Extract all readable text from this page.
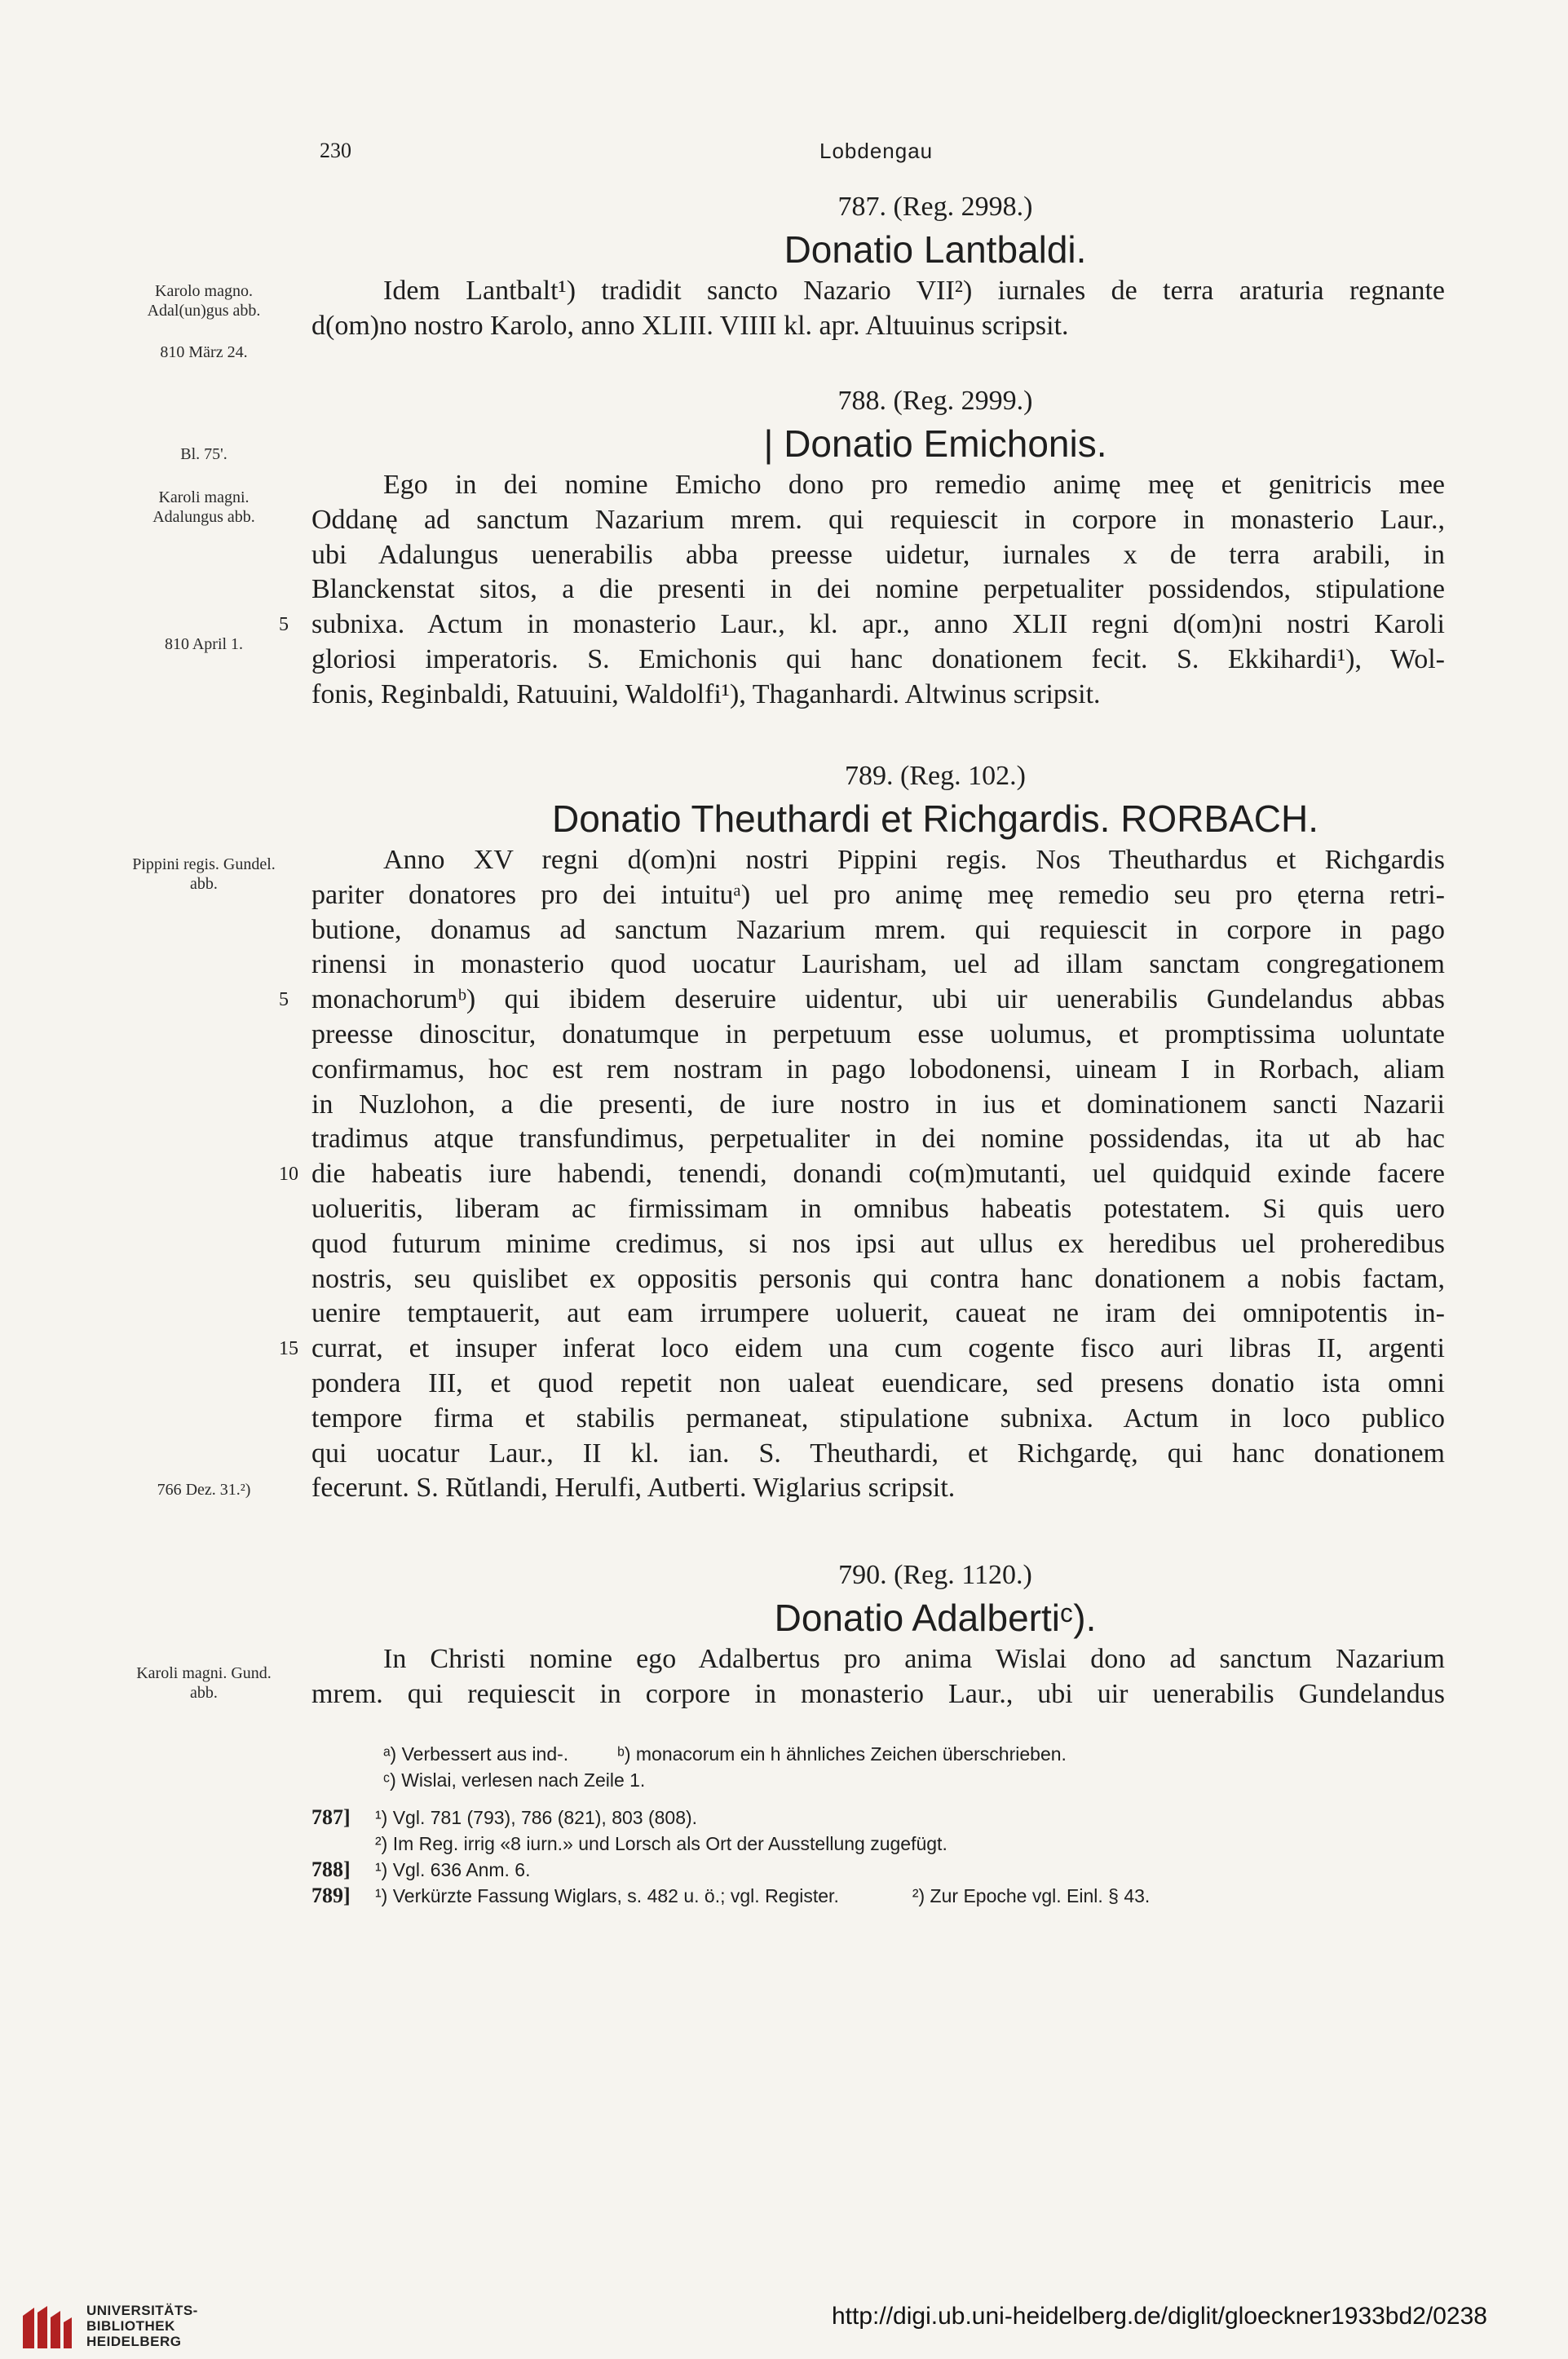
230	Lobdengau
Karolo magno. Adal(un)gus abb.
810 März 24.
Bl. 75'.
Karoli magni. Adalungus abb.
810 April 1.
Pippini regis. Gundel. abb.
766 Dez. 31.²)
Karoli magni. Gund. abb.
787. (Reg. 2998.)
Donatio Lantbaldi.
Idem Lantbalt¹) tradidit sancto Nazario VII²) iurnales de terra araturia regnante
d(om)no nostro Karolo, anno XLIII. VIIII kl. apr. Altuuinus scripsit.
788. (Reg. 2999.)
| Donatio Emichonis.
Ego in dei nomine Emicho dono pro remedio animę meę et genitricis mee
Oddanę ad sanctum Nazarium mrem. qui requiescit in corpore in monasterio Laur.,
ubi Adalungus uenerabilis abba preesse uidetur, iurnales x de terra arabili, in
Blanckenstat sitos, a die presenti in dei nomine perpetualiter possidendos, stipulatione
5 subnixa. Actum in monasterio Laur., kl. apr., anno XLII regni d(om)ni nostri Karoli
gloriosi imperatoris. S. Emichonis qui hanc donationem fecit. S. Ekkihardi¹), Wol-
fonis, Reginbaldi, Ratuuini, Waldolfi¹), Thaganhardi. Altwinus scripsit.
789. (Reg. 102.)
Donatio Theuthardi et Richgardis. RORBACH.
Anno XV regni d(om)ni nostri Pippini regis. Nos Theuthardus et Richgardis
pariter donatores pro dei intuituᵃ) uel pro animę meę remedio seu pro ęterna retri-
butione, donamus ad sanctum Nazarium mrem. qui requiescit in corpore in pago
rinensi in monasterio quod uocatur Laurisham, uel ad illam sanctam congregationem
5 monachorumᵇ) qui ibidem deseruire uidentur, ubi uir uenerabilis Gundelandus abbas
preesse dinoscitur, donatumque in perpetuum esse uolumus, et promptissima uoluntate
confirmamus, hoc est rem nostram in pago lobodonensi, uineam I in Rorbach, aliam
in Nuzlohon, a die presenti, de iure nostro in ius et dominationem sancti Nazarii
tradimus atque transfundimus, perpetualiter in dei nomine possidendas, ita ut ab hac
10 die habeatis iure habendi, tenendi, donandi co(m)mutanti, uel quidquid exinde facere
uolueritis, liberam ac firmissimam in omnibus habeatis potestatem. Si quis uero
quod futurum minime credimus, si nos ipsi aut ullus ex heredibus uel proheredibus
nostris, seu quislibet ex oppositis personis qui contra hanc donationem a nobis factam,
uenire temptauerit, aut eam irrumpere uoluerit, caueat ne iram dei omnipotentis in-
15 currat, et insuper inferat loco eidem una cum cogente fisco auri libras II, argenti
pondera III, et quod repetit non ualeat euendicare, sed presens donatio ista omni
tempore firma et stabilis permaneat, stipulatione subnixa. Actum in loco publico
qui uocatur Laur., II kl. ian. S. Theuthardi, et Richgardę, qui hanc donationem
fecerunt. S. Rŭtlandi, Herulfi, Autberti. Wiglarius scripsit.
790. (Reg. 1120.)
Donatio Adalbertiᶜ).
In Christi nomine ego Adalbertus pro anima Wislai dono ad sanctum Nazarium
mrem. qui requiescit in corpore in monasterio Laur., ubi uir uenerabilis Gundelandus
ᵃ) Verbessert aus ind-.	ᵇ) monacorum ein h ähnliches Zeichen überschrieben.
ᶜ) Wislai, verlesen nach Zeile 1.
787] ¹) Vgl. 781 (793), 786 (821), 803 (808).
²) Im Reg. irrig «8 iurn.» und Lorsch als Ort der Ausstellung zugefügt.
788] ¹) Vgl. 636 Anm. 6.
789] ¹) Verkürzte Fassung Wiglars, s. 482 u. ö.; vgl. Register.	²) Zur Epoche vgl. Einl. § 43.
UNIVERSITÄTS-
BIBLIOTHEK
HEIDELBERG
http://digi.ub.uni-heidelberg.de/diglit/gloeckner1933bd2/0238
